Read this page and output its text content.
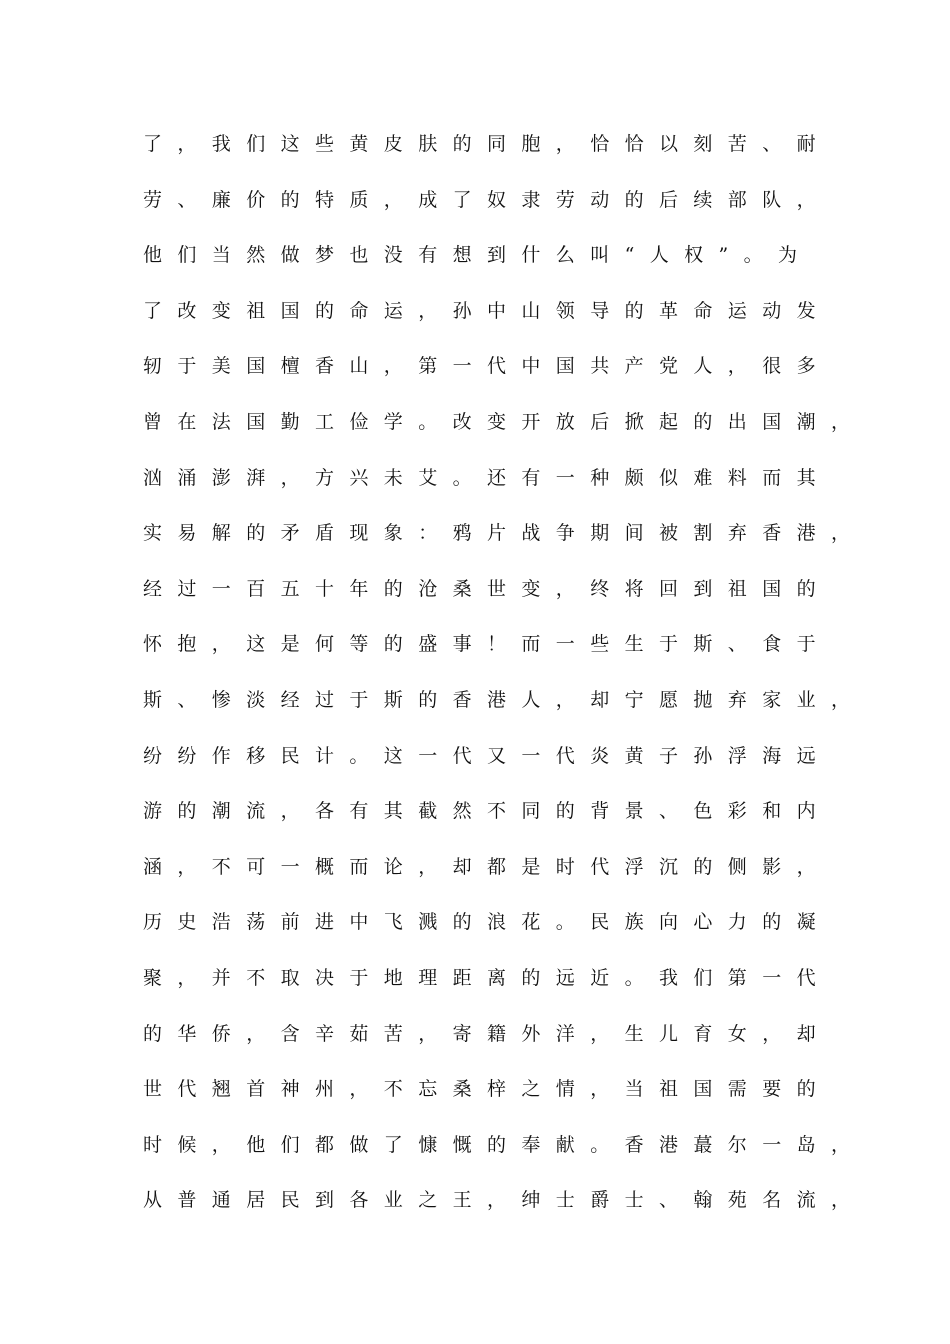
了，我们这些黄皮肤的同胞，恰恰以刻苦、耐
劳、廉价的特质，成了奴隶劳动的后续部队，
他们当然做梦也没有想到什么叫“人权”。为
了改变祖国的命运，孙中山领导的革命运动发
轫于美国檀香山，第一代中国共产党人，很多
曾在法国勤工俭学。改变开放后掀起的出国潮，
汹涌澎湃，方兴未艾。还有一种颇似难料而其
实易解的矛盾现象：鸦片战争期间被割弃香港，
经过一百五十年的沧桑世变，终将回到祖国的
怀抱，这是何等的盛事！而一些生于斯、食于
斯、惨淡经过于斯的香港人，却宁愿抛弃家业，
纷纷作移民计。这一代又一代炎黄子孙浮海远
游的潮流，各有其截然不同的背景、色彩和内
涵，不可一概而论，却都是时代浮沉的侧影，
历史浩荡前进中飞溅的浪花。民族向心力的凝
聚，并不取决于地理距离的远近。我们第一代
的华侨，含辛茹苦，寄籍外洋，生儿育女，却
世代翘首神州，不忘桑梓之情，当祖国需要的
时候，他们都做了慷慨的奉献。香港蕞尔一岛，
从普通居民到各业之王，绅士爵士、翰苑名流，
